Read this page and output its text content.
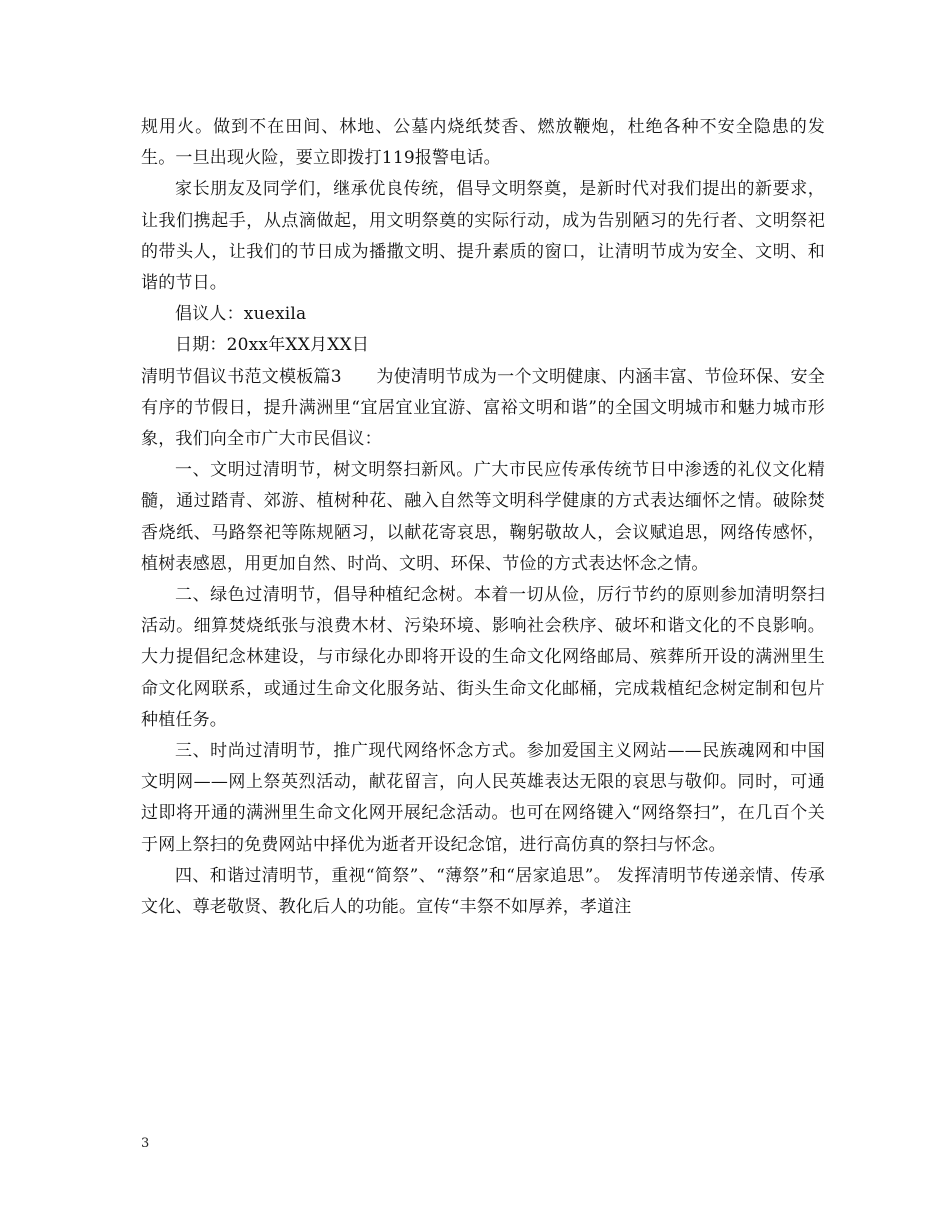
规用火。做到不在田间、林地、公墓内烧纸焚香、燃放鞭炮，杜绝各种不安全隐患的发生。一旦出现火险，要立即拨打119报警电话。

家长朋友及同学们，继承优良传统，倡导文明祭奠，是新时代对我们提出的新要求，让我们携起手，从点滴做起，用文明祭奠的实际行动，成为告别陋习的先行者、文明祭祀的带头人，让我们的节日成为播撒文明、提升素质的窗口，让清明节成为安全、文明、和谐的节日。

倡议人：xuexila

日期：20xx年XX月XX日

清明节倡议书范文模板篇3　　为使清明节成为一个文明健康、内涵丰富、节俭环保、安全有序的节假日，提升满洲里“宜居宜业宜游、富裕文明和谐”的全国文明城市和魅力城市形象，我们向全市广大市民倡议：

一、文明过清明节，树文明祭扫新风。广大市民应传承传统节日中渗透的礼仪文化精髓，通过踏青、郊游、植树种花、融入自然等文明科学健康的方式表达缅怀之情。破除焚香烧纸、马路祭祀等陈规陋习，以献花寄哀思，鞠躬敬故人，会议赋追思，网络传感怀，植树表感恩，用更加自然、时尚、文明、环保、节俭的方式表达怀念之情。

二、绿色过清明节，倡导种植纪念树。本着一切从俭，厉行节约的原则参加清明祭扫活动。细算焚烧纸张与浪费木材、污染环境、影响社会秩序、破坏和谐文化的不良影响。大力提倡纪念林建设，与市绿化办即将开设的生命文化网络邮局、殡葬所开设的满洲里生命文化网联系，或通过生命文化服务站、街头生命文化邮桶，完成栽植纪念树定制和包片种植任务。

三、时尚过清明节，推广现代网络怀念方式。参加爱国主义网站——民族魂网和中国文明网——网上祭英烈活动，献花留言，向人民英雄表达无限的哀思与敬仰。同时，可通过即将开通的满洲里生命文化网开展纪念活动。也可在网络键入“网络祭扫”，在几百个关于网上祭扫的免费网站中择优为逝者开设纪念馆，进行高仿真的祭扫与怀念。

四、和谐过清明节，重视“简祭”、“薄祭”和“居家追思”。 发挥清明节传递亲情、传承文化、尊老敬贤、教化后人的功能。宣传“丰祭不如厚养，孝道注

3
